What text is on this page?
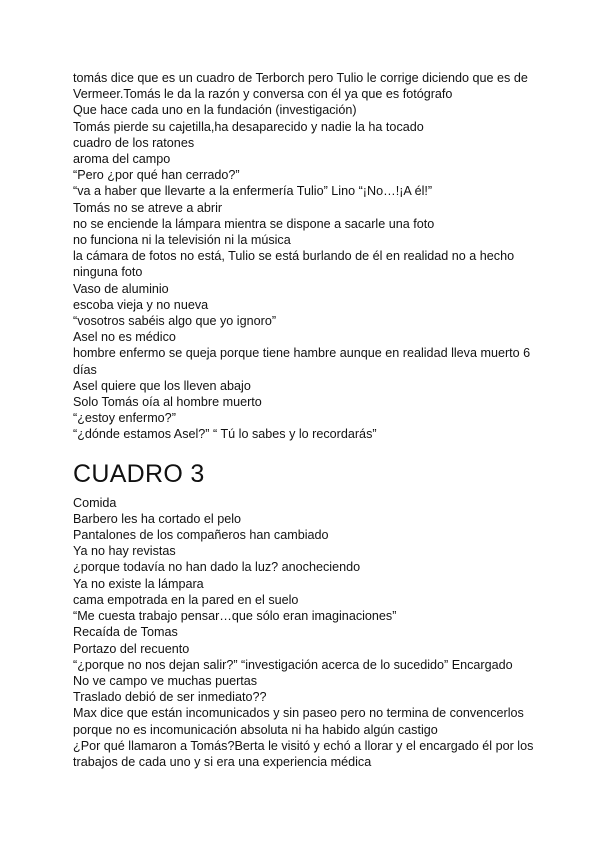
tomás dice que es un cuadro de Terborch pero Tulio le corrige diciendo que es de
Vermeer.Tomás le da la razón y conversa con él ya que es fotógrafo
Que hace cada uno en la fundación (investigación)
Tomás pierde su cajetilla,ha desaparecido y nadie la ha tocado
cuadro de los ratones
aroma del campo
“Pero ¿por qué han cerrado?”
“va a haber que llevarte a la enfermería Tulio” Lino “¡No…!¡A él!”
Tomás no se atreve a abrir
no se enciende la lámpara mientra se dispone a sacarle una foto
no funciona ni la televisión ni la música
la cámara de fotos no está, Tulio se está burlando de él en realidad no a hecho
ninguna foto
Vaso de aluminio
escoba vieja y no nueva
“vosotros sabéis algo que yo ignoro”
Asel no es médico
hombre enfermo se queja porque tiene hambre aunque en realidad lleva muerto 6
días
Asel quiere que los lleven abajo
Solo Tomás oía al hombre muerto
“¿estoy enfermo?”
“¿dónde estamos Asel?” “ Tú lo sabes y lo recordarás”
CUADRO 3
Comida
Barbero les ha cortado el pelo
Pantalones de los compañeros han cambiado
Ya no hay revistas
¿porque todavía no han dado la luz? anocheciendo
Ya no existe la lámpara
cama empotrada en la pared en el suelo
“Me cuesta trabajo pensar…que sólo eran imaginaciones”
Recaída de Tomas
Portazo del recuento
“¿porque no nos dejan salir?” “investigación acerca de lo sucedido” Encargado
No ve campo ve muchas puertas
Traslado debió de ser inmediato??
Max dice que están incomunicados y sin paseo pero no termina de convencerlos
porque no es incomunicación absoluta ni ha habido algún castigo
¿Por qué llamaron a Tomás?Berta le visitó y echó a llorar y el encargado él por los
trabajos de cada uno y si era una experiencia médica
